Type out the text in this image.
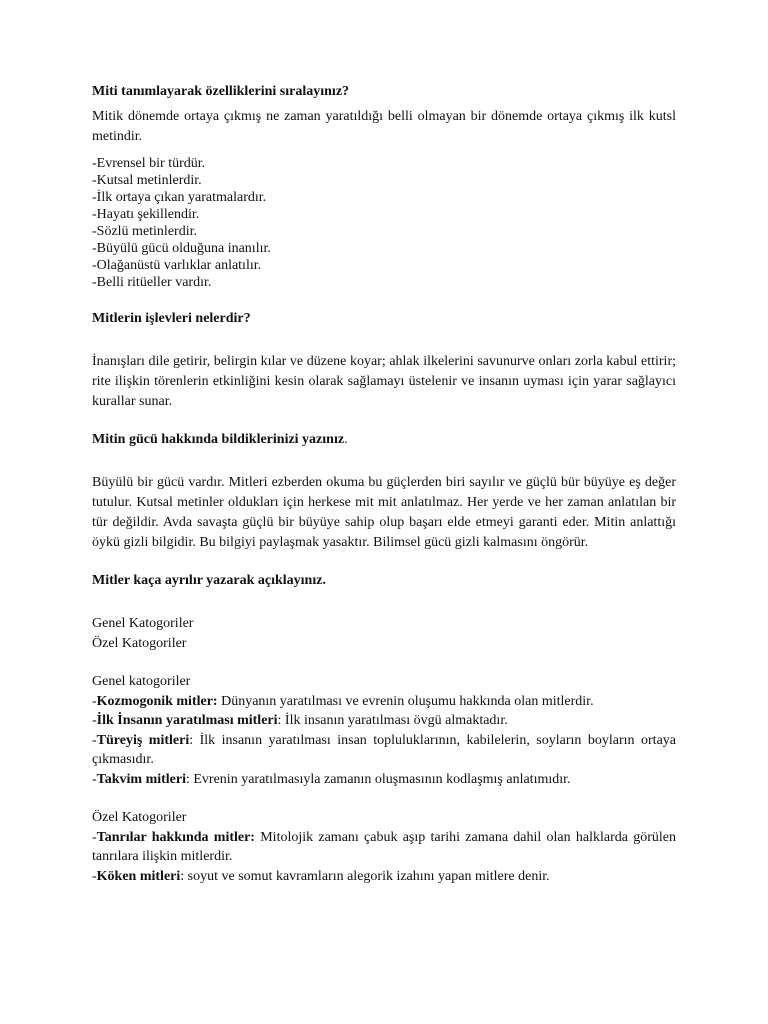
Miti tanımlayarak özelliklerini sıralayınız?

Mitik dönemde ortaya çıkmış ne zaman yaratıldığı belli olmayan bir dönemde ortaya çıkmış ilk kutsl metindir.

-Evrensel bir türdür.
-Kutsal metinlerdir.
-İlk ortaya çıkan yaratmalardır.
-Hayatı şekillendir.
-Sözlü metinlerdir.
-Büyülü gücü olduğuna inanılır.
-Olağanüstü varlıklar anlatılır.
-Belli ritüeller vardır.

Mitlerin işlevleri nelerdir?

İnanışları dile getirir, belirgin kılar ve düzene koyar; ahlak ilkelerini savunurve onları zorla kabul ettirir; rite ilişkin törenlerin etkinliğini kesin olarak sağlamayı üstelenir ve insanın uyması için yarar sağlayıcı kurallar sunar.

Mitin gücü hakkında bildiklerinizi yazınız.

Büyülü bir gücü vardır. Mitleri ezberden okuma bu güçlerden biri sayılır ve güçlü bür büyüye eş değer tutulur. Kutsal metinler oldukları için herkese mit mit anlatılmaz. Her yerde ve her zaman anlatılan bir tür değildir. Avda savaşta güçlü bir büyüye sahip olup başarı elde etmeyi garanti eder. Mitin anlattığı öykü gizli bilgidir. Bu bilgiyi paylaşmak yasaktır. Bilimsel gücü gizli kalmasını öngörür.

Mitler kaça ayrılır yazarak açıklayınız.

Genel Katogoriler

Özel Katogoriler

Genel katogoriler

-Kozmogonik mitler: Dünyanın yaratılması ve evrenin oluşumu hakkında olan mitlerdir.

-İlk İnsanın yaratılması mitleri: İlk insanın yaratılması övgü almaktadır.

-Türeyiş mitleri: İlk insanın yaratılması insan topluluklarının, kabilelerin, soyların boyların ortaya çıkmasıdır.

-Takvim mitleri: Evrenin yaratılmasıyla zamanın oluşmasının kodlaşmış anlatımıdır.

Özel Katogoriler

-Tanrılar hakkında mitler: Mitolojik zamanı çabuk aşıp tarihi zamana dahil olan halklarda görülen tanrılara ilişkin mitlerdir.

-Köken mitleri: soyut ve somut kavramların alegorik izahını yapan mitlere denir.
